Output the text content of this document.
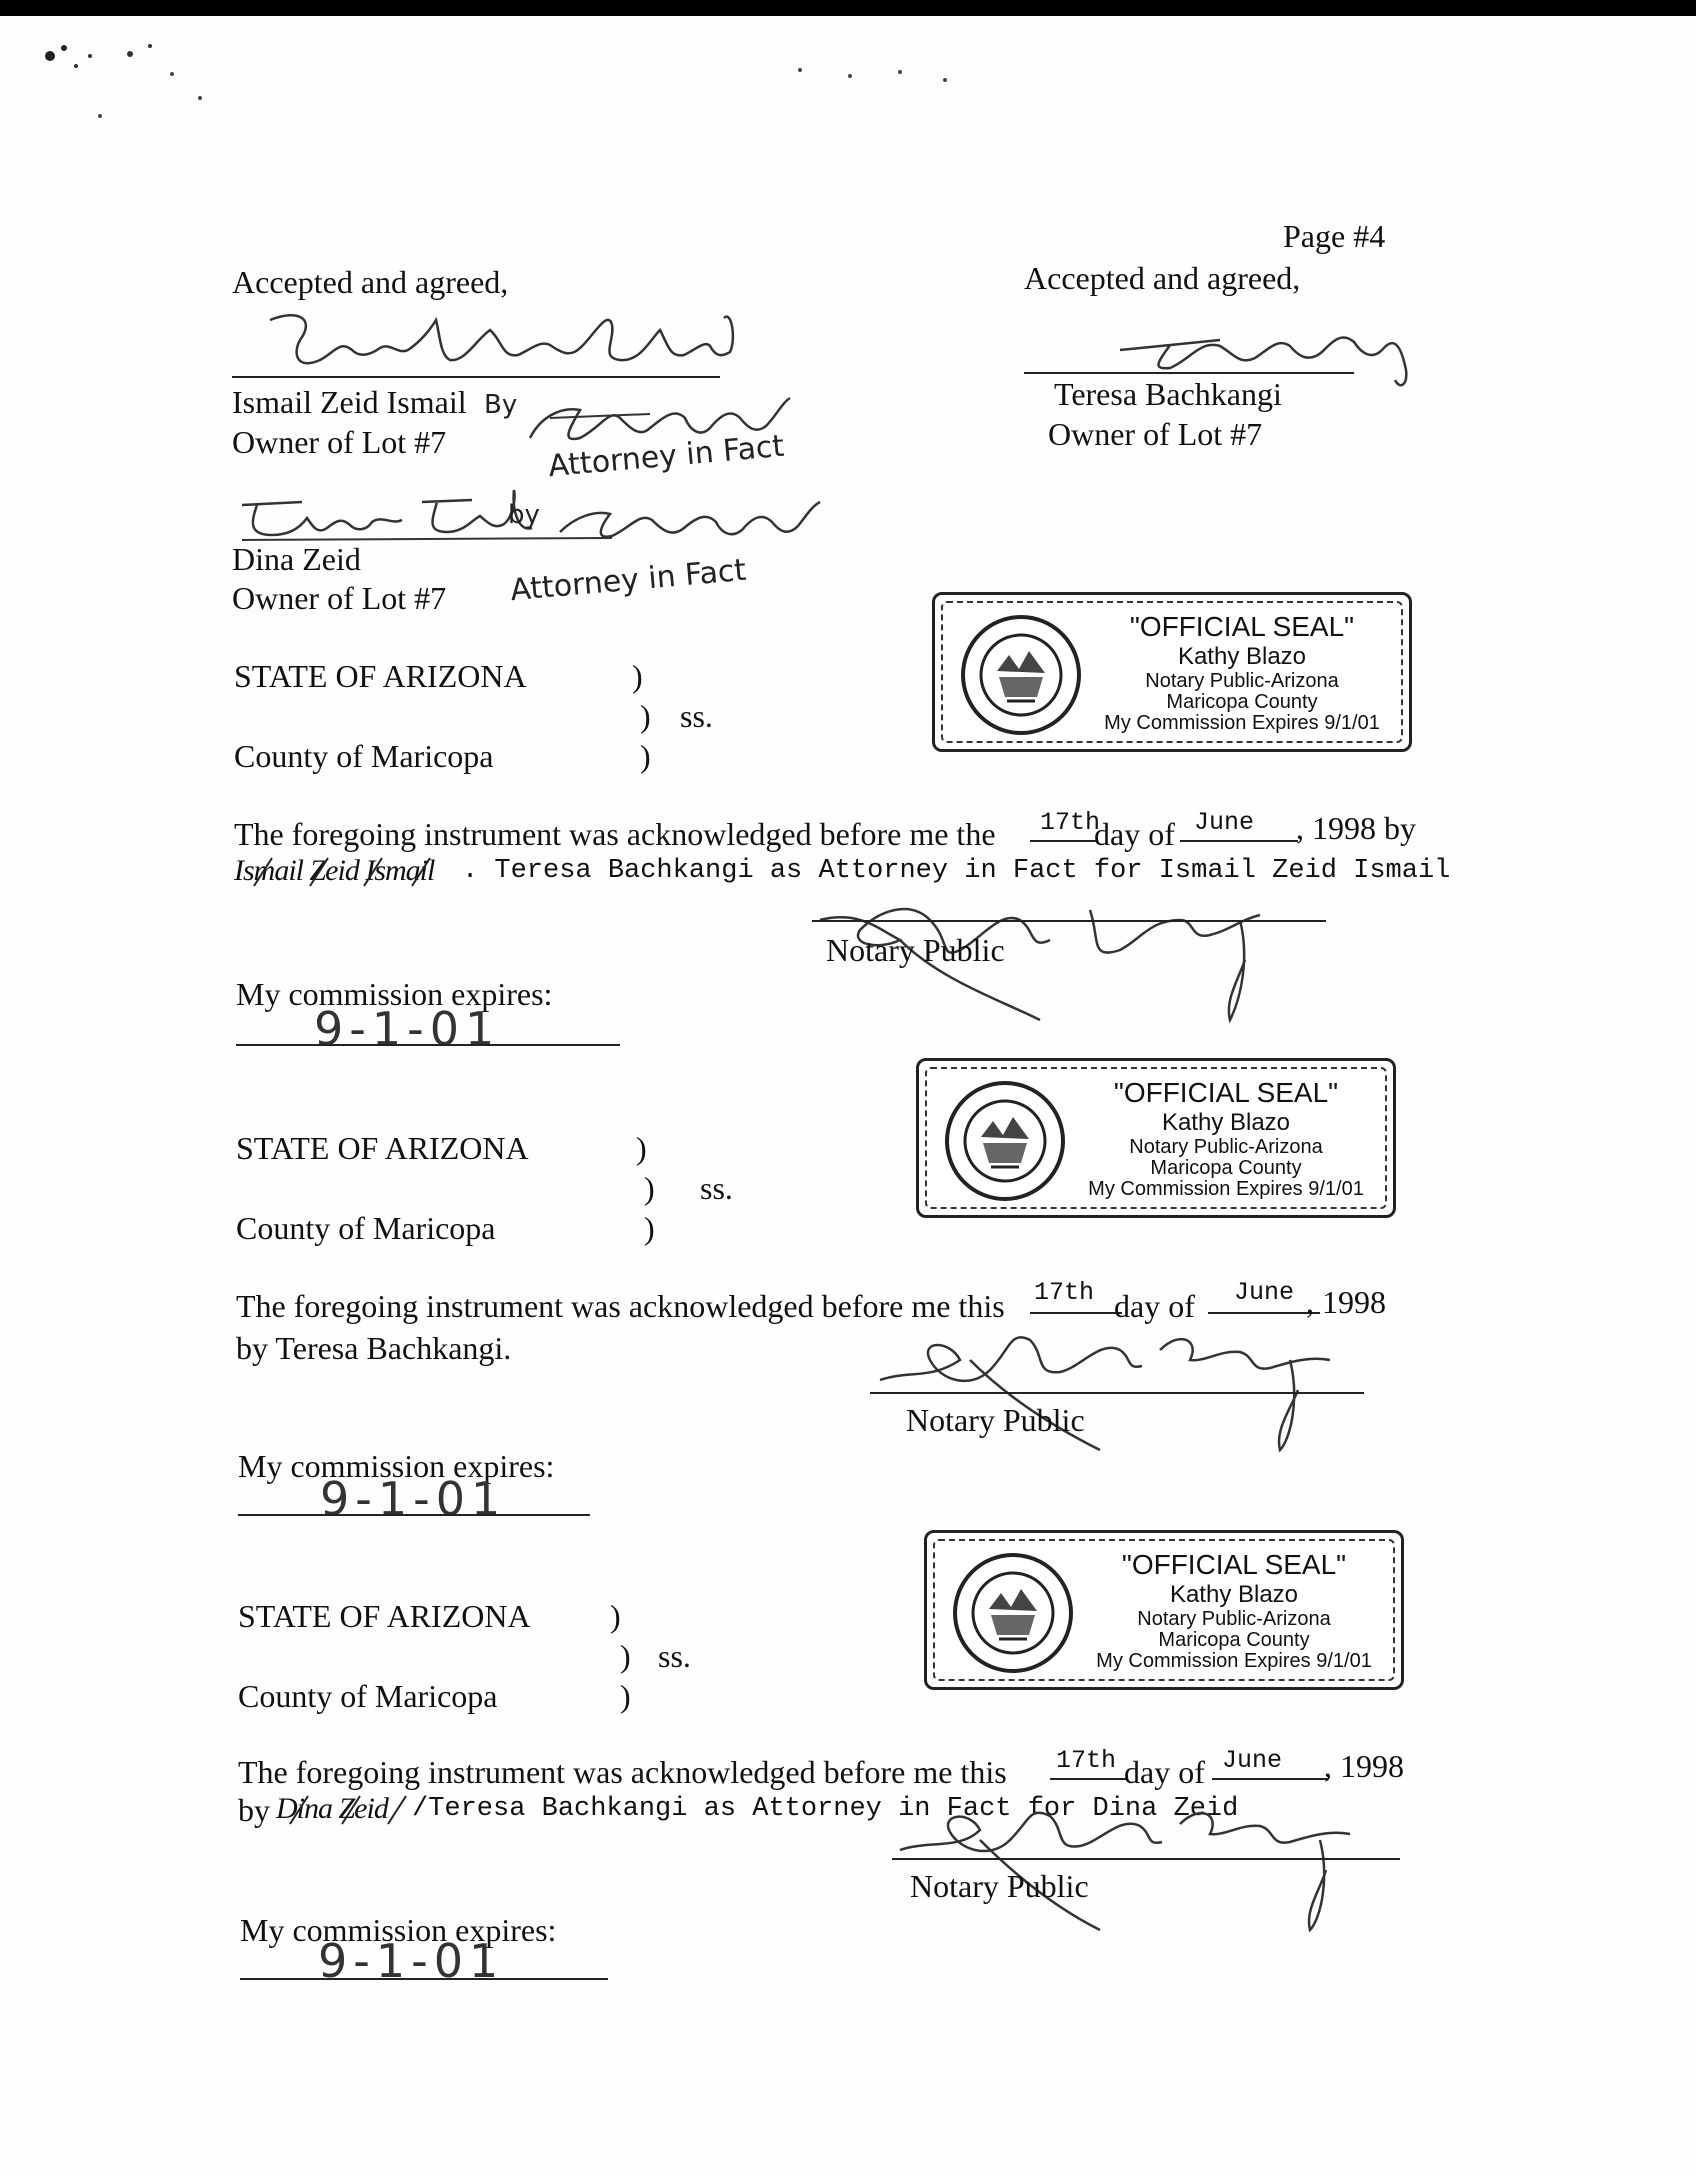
Page #4
Accepted and agreed,
Ismail Zeid Ismail
Owner of Lot #7
By
Attorney in Fact
by
Attorney in Fact
Dina Zeid
Owner of Lot #7
Accepted and agreed,
Teresa Bachkangi
Owner of Lot #7
"OFFICIAL SEAL"
Kathy Blazo
Notary Public-Arizona
Maricopa County
My Commission Expires 9/1/01
STATE OF ARIZONA	)
) ss.
County of Maricopa	)
The foregoing instrument was acknowledged before me the 17th
day of June , 1998 by
Ismail Zeid Ismail . Teresa Bachkangi as Attorney in Fact for Ismail Zeid Ismail
Notary Public
My commission expires:
9-1-01
"OFFICIAL SEAL"
Kathy Blazo
Notary Public-Arizona
Maricopa County
My Commission Expires 9/1/01
STATE OF ARIZONA	)
) ss.
County of Maricopa	)
The foregoing instrument was acknowledged before me this 17th day of June , 1998
by Teresa Bachkangi.
Notary Public
My commission expires:
9-1-01
"OFFICIAL SEAL"
Kathy Blazo
Notary Public-Arizona
Maricopa County
My Commission Expires 9/1/01
STATE OF ARIZONA )
) ss.
County of Maricopa	)
The foregoing instrument was acknowledged before me this 17th day of June , 1998
by Dina Zeid /Teresa Bachkangi as Attorney in Fact for Dina Zeid
Notary Public
My commission expires:
9-1-01
